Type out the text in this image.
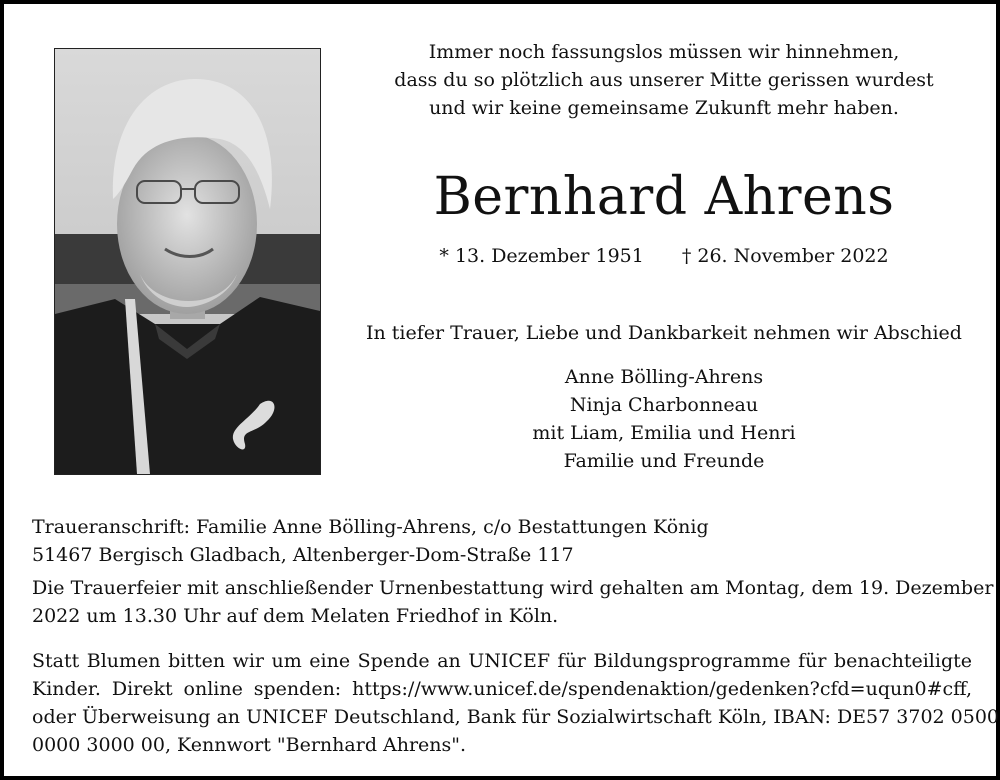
Immer noch fassungslos müssen wir hinnehmen,
dass du so plötzlich aus unserer Mitte gerissen wurdest
und wir keine gemeinsame Zukunft mehr haben.
Bernhard Ahrens
* 13. Dezember 1951 † 26. November 2022
In tiefer Trauer, Liebe und Dankbarkeit nehmen wir Abschied
Anne Bölling-Ahrens
Ninja Charbonneau
mit Liam, Emilia und Henri
Familie und Freunde
Traueranschrift: Familie Anne Bölling-Ahrens, c/o Bestattungen König
51467 Bergisch Gladbach, Altenberger-Dom-Straße 117
Die Trauerfeier mit anschließender Urnenbestattung wird gehalten am Montag, dem 19. Dezember
2022 um 13.30 Uhr auf dem Melaten Friedhof in Köln.
Statt Blumen bitten wir um eine Spende an UNICEF für Bildungsprogramme für benachteiligte
Kinder. Direkt online spenden: https://www.unicef.de/spendenaktion/gedenken?cfd=uqun0#cff,
oder Überweisung an UNICEF Deutschland, Bank für Sozialwirtschaft Köln, IBAN: DE57 3702 0500
0000 3000 00, Kennwort "Bernhard Ahrens".
